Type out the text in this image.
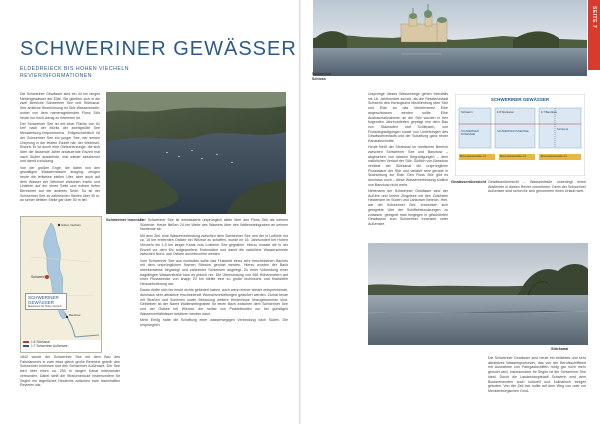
SCHWERINER GEWÄSSER
ELDEDREIECK BIS HOHEN VIECHELN REVIERINFORMATIONEN

Die Schweriner Gewässer sind ein 44 km langes Nebengewässer der Elde. Sie gliedern sich in die zwei Bereiche Schweriner See und Störkanal. Ihre amtliche Bezeichnung ist Stör-Wasserstraße, wobei von dem namensgebenden Fluss Stör heute nur noch wenig zu erkennen ist.

Der Schweriner See ist mit einer Fläche von 61 km² nach der Müritz der zweitgrößte See Mecklenburg-Vorpommerns. Erdgeschichtlich ist der Schweriner See ein junger See, der seinen Ursprung in der letzten Eiszeit hat, der Weichsel-Eiszeit. Er ist durch eine Gletscherzunge, die sich über die tausende Jahre andauernde Eiszeit mal nach Süden ausdehnte, mal wieder abschmolz und damit zurückzog.

Von der großen Enge, die dabei von den gewaltigen Wassermassen ausging, zeugen heute die teilweise steilen Ufer, aber auch auf dem Wasser der Wechsel zwischen Inseln und Untiefen auf der einen Seite und extrem tiefen Bereichen auf der anderen Seite. So ist der Schweriner See zu zahlreichen Stellen über 30 m, an seiner tiefsten Stelle gar über 50 m tief.

Schweriner Innensee

Der Schweriner See ist entwässerte ursprünglich allein über den Fluss Stör als seinem Südende. Heute fließen 24 km Weite des Wassers über den Wallensteingraben an seinem Nordende ab.

Mit dem Ziel, eine Wasserverbindung zwischen dem Schweriner See und der in Luftlinie nur ca. 15 km entfernten Ostsee bei Wismar zu schaffen, wurde im 16. Jahrhundert bei Hohen Viecheln ein 1,5 km langer Kanal zum Lostener See gegraben. Hierzu musste die in der Eiszeit vor dem Eis aufgeworfene Endmoräne und damit die natürliche Wasserscheide zwischen Nord- und Ostsee durchbrochen werden.

Vom Schweriner See aus nordwärts sollte das Flussbett eines sehr bescheidenen Baches mit dem ursprünglichen Namen Stiesow genutzt werden. Hierzu wurden der Bach streckenweise begradigt und zahlreiche Schleusen angelegt. Zu einer Vollendung einer tragfähigen Wasserstraße kam es jedoch nie. Die Überwindung von 558 Höhenmetern auf einer Flussstrecke von knapp 20 km stellte eine zu große technische und finanzielle Herausforderung dar.

Daran dürfte sich bis heute nichts geändert haben, auch wenn immer wieder entsprechende, durchaus sehr attraktive erscheinende Wunschvorstellungen geäußert werden. Zumal heute mit Straßen und Schienen sowie Bebauung weitere Hindernisse hinzugekommen sind. Gebleiben ist der Name Wallensteingraben für einen Bach zwischen dem Schweriner See und der Ostsee bei Wismar, der selbst von Paddelbooten nur bei günstigen Wasserverhältnissen befahren werden kann.

Mehr Erfolg hatte die Schaffung einer wasserwegigen Verbindung nach Süden. Die ursprünglich

Schwerin
Hohen Viecheln
Banzkow
SCHWERINER
GEWÄSSER
Eldedreieck bis Hohen Viecheln
1:8 Störkanal
1:7 Schweriner Außensee

1842 wurde der Schweriner See mit dem Bau des Fahrdammes in zwei etwa gleich große Bereiche geteilt: den Schweriner Innensee und den Schweriner Außensee. Der See wird über einen ca. 250 m langen Kanal miteinander verbunden. Dabei stellt die Straßenbrücke insbesondere für Segler ein ärgerliches Hindernis zwischen zwei traumhaften Revieren dar.

SEITE 7
Schweriner
Schloss

Ursprünge dieses Wasserwegs gehen ebenfalls ins 16. Jahrhundert zurück, als die Residenzstadt Schwerin des Herzogtums Mecklenburg über Stör und Elde an das Verkehrsnetz Elbe angeschlossen werden sollte. Elbe Ausbaumaßnahmen an der Stör wurden in den folgenden Jahrhunderten geprägt von dem Bau von Staustufen und Schleusen, von Flussbegradigungen sowie von Umleitungen des Gewässerverlaufs und der Schaffung ganz neuer Kanalabschnitte.

Heute fließt der Störkanal im nördlichen Bereich zwischen Schweriner See und Banzkow – abgesehen von starken Begradigungen – dem natürlichen Verlauf der Stör. Südlich von Banzkow verlässt der Störkanal die ursprüngliche Flusstalaue der Stör und verläuft sehr gerade in Südrichtung zur Elde. Den Fluss Stör gibt es durchaus noch – diese Wasserverbindung südlich von Banzkow nicht mehr.

Nebenarm der Schweriner Gewässer sind der Außere und Innere Ziegelsee mit den Zufahrten Heidensee im Süden und Lankower Bereich. Hier, wie der Schweriner See, erstrecken sich geeignete Ufer der Schiffahrtsnutzungen zu zulassen, geeignet man hingegen in geschützten Gewässern zum Schweriner Innensee unter Außensee.

SCHWERINER GEWÄSSER
Schwerin	1:8 Störkanal	1:7 Banzkow
SCHWERINER BUSENSEE
SCHWERINER INNENSEE
Störkanal
Binnenwasserstraße 2.6	Binnenwasserstraße 2.6	Binnenwasserstraße 2.6
Gewässerübersicht Gewässerübersicht – Wasserstraße unbedingt einen Abstecher in diesen Revier vornehmen. Denn der Schweriner Außensee sind schon für sich genommen einen Urlaub wert.

Störkanal

Die Schweriner Gewässer sind heute ein beliebtes und sehr attraktives Wassersportrevier, das von der Berufsschifffahrt mit Ausnahme von Fahrgastschiffen ruhig gar nicht mehr genutzt wird. Insbesondere für Segler ist der Schweriner See ideal. Durch die Landeshauptstadt Schwerin wird dem Bootsreisenden auch kulturell und kulinarisch einiges geboten. Von der Zeit hat, sollte auf dem Weg von oder zur Mecklenburgischen Groß-
